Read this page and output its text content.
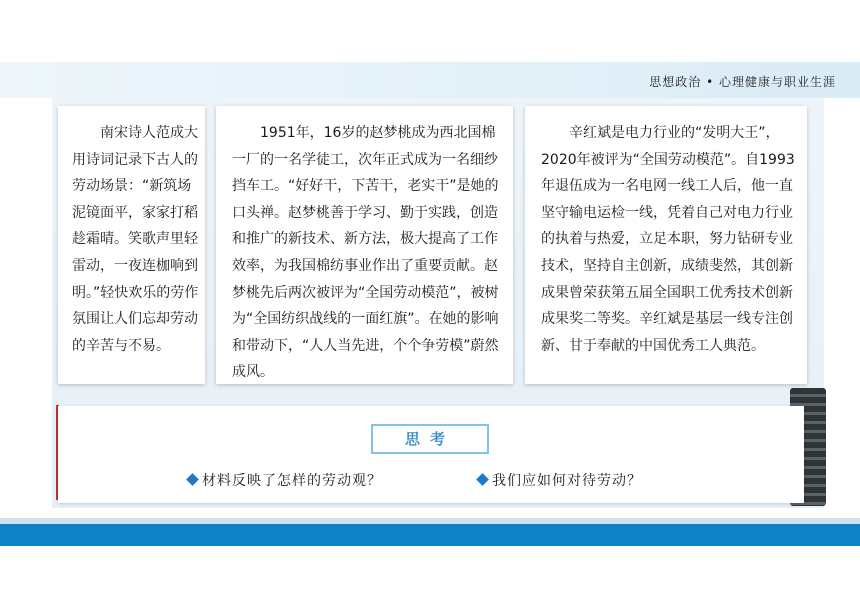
思想政治 • 心理健康与职业生涯

南宋诗人范成大用诗词记录下古人的劳动场景：“新筑场泥镜面平，家家打稻趁霜晴。笑歌声里轻雷动，一夜连枷响到明。”轻快欢乐的劳作氛围让人们忘却劳动的辛苦与不易。

1951年，16岁的赵梦桃成为西北国棉一厂的一名学徒工，次年正式成为一名细纱挡车工。“好好干，下苦干，老实干”是她的口头禅。赵梦桃善于学习、勤于实践，创造和推广的新技术、新方法，极大提高了工作效率，为我国棉纺事业作出了重要贡献。赵梦桃先后两次被评为“全国劳动模范”，被树为“全国纺织战线的一面红旗”。在她的影响和带动下，“人人当先进，个个争劳模”蔚然成风。

辛红斌是电力行业的“发明大王”，2020年被评为“全国劳动模范”。自1993年退伍成为一名电网一线工人后，他一直坚守输电运检一线，凭着自己对电力行业的执着与热爱，立足本职，努力钻研专业技术，坚持自主创新，成绩斐然，其创新成果曾荣获第五届全国职工优秀技术创新成果奖二等奖。辛红斌是基层一线专注创新、甘于奉献的中国优秀工人典范。

思考
材料反映了怎样的劳动观？	我们应如何对待劳动？
